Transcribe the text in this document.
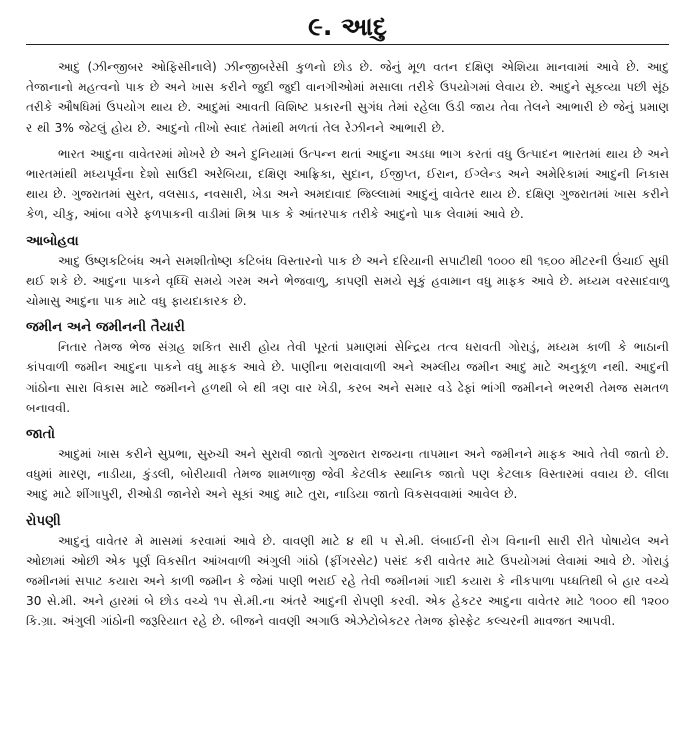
૯. આદુ

આદુ (ઝીન્જીબર ઓફિસીનાલે) ઝીન્જીબરેસી કુળનો છોડ છે. જેનું મૂળ વતન દક્ષિણ એશિયા માનવામાં આવે છે. આદુ તેજાનાનો મહત્વનો પાક છે અને ખાસ કરીને જુદી જુદી વાનગીઓમાં મસાલા તરીકે ઉપયોગમાં લેવાય છે. આદુને સૂકવ્યા પછી સૂંઠ તરીકે ઔષધિમાં ઉપયોગ થાય છે. આદુમાં આવતી વિશિષ્ટ પ્રકારની સુગંધ તેમાં રહેલા ઉડી જાય તેવા તેલને આભારી છે જેનું પ્રમાણ ર થી 3% જેટલું હોય છે. આદુનો તીખો સ્વાદ તેમાંથી મળતાં તેલ રેઝીનને આભારી છે.

ભારત આદુના વાવેતરમાં મોખરે છે અને દુનિયામાં ઉત્પન્ન થતાં આદુના અડધા ભાગ કરતાં વધુ ઉત્પાદન ભારતમાં થાય છે અને ભારતમાંથી મધ્યપૂર્વના દેશો સાઉદી અરેબિયા, દક્ષિણ આફ્રિકા, સુદાન, ઈજીપ્ત, ઈરાન, ઈગ્લેન્ડ અને અમેરિકામાં આદુની નિકાસ થાય છે. ગુજરાતમાં સુરત, વલસાડ, નવસારી, ખેડા અને અમદાવાદ જિલ્લામાં આદુનું વાવેતર થાય છે. દક્ષિણ ગુજરાતમાં ખાસ કરીને કેળ, ચીકુ, આંબા વગેરે ફળપાકની વાડીમાં મિશ્ર પાક કે આંતરપાક તરીકે આદુનો પાક લેવામાં આવે છે.

આબોહવા

આદુ ઉષ્ણકટિબંધ અને સમશીતોષ્ણ કટિબંધ વિસ્તારનો પાક છે અને દરિયાની સપાટીથી ૧૦૦૦ થી ૧૬૦૦ મીટરની ઉંચાઈ સુધી થઈ શકે છે. આદુના પાકને વૃધ્ધિ સમયે ગરમ અને ભેજવાળુ, કાપણી સમયે સૂકું હવામાન વધુ માફક આવે છે. મધ્યમ વરસાદવાળુ ચોમાસુ આદુના પાક માટે વધુ ફાયદાકારક છે.

જમીન અને જમીનની તૈયારી

નિતાર તેમજ ભેજ સંગ્રહ શકિત સારી હોય તેવી પૂરતાં પ્રમાણમાં સેન્દ્રિય તત્વ ધરાવતી ગોરાડું, મધ્યમ કાળી કે ભાઠાની કાંપવાળી જમીન આદુના પાકને વધુ માફક આવે છે. પાણીના ભરાવાવાળી અને અમ્લીય જમીન આદુ માટે અનુકૂળ નથી. આદુની ગાંઠોના સારા વિકાસ માટે જમીનને હળથી બે થી ત્રણ વાર ખેડી, કરબ અને સમાર વડે ઢેફાં ભાંગી જમીનને ભરભરી તેમજ સમતળ બનાવવી.

જાતો

આદુમાં ખાસ કરીને સુપ્રભા, સુરુચી અને સુરાવી જાતો ગુજરાત રાજયના તાપમાન અને જમીનને માફક આવે તેવી જાતો છે. વધુમાં મારણ, નાડીયા, કુંડલી, બોરીયાવી તેમજ શામળાજી જેવી કેટલીક સ્થાનિક જાતો પણ કેટલાક વિસ્તારમાં વવાય છે. લીલા આદુ માટે શીંગાપુરી, રીઓડી જાનેરો અને સૂકાં આદુ માટે તુરા, નાડિયા જાતો વિકસવવામાં આવેલ છે.

રોપણી

આદુનું વાવેતર મે માસમાં કરવામાં આવે છે. વાવણી માટે ૪ થી ૫ સે.મી. લંબાઈની રોગ વિનાની સારી રીતે પોષાયેલ અને ઓછામાં ઓછી એક પૂર્ણ વિકસીત આંખવાળી અંગુલી ગાંઠો (ફીંગરસેટ) પસંદ કરી વાવેતર માટે ઉપયોગમાં લેવામાં આવે છે. ગોરાડું જમીનમાં સપાટ કયારા અને કાળી જમીન કે જેમાં પાણી ભરાઈ રહે તેવી જમીનમાં ગાદી કયારા કે નીકપાળા પધ્ધતિથી બે હાર વચ્ચે 30 સે.મી. અને હારમાં બે છોડ વચ્ચે ૧૫ સે.મી.ના અંતરે આદુની રોપણી કરવી. એક હેકટર આદુના વાવેતર માટે ૧૦૦૦ થી ૧૨૦૦ કિ.ગ્રા. અંગુલી ગાંઠોની જરૂરિયાત રહે છે. બીજને વાવણી અગાઉ એઝેટોબેકટર તેમજ ફોસ્ફેટ કલ્ચરની માવજત આપવી.
